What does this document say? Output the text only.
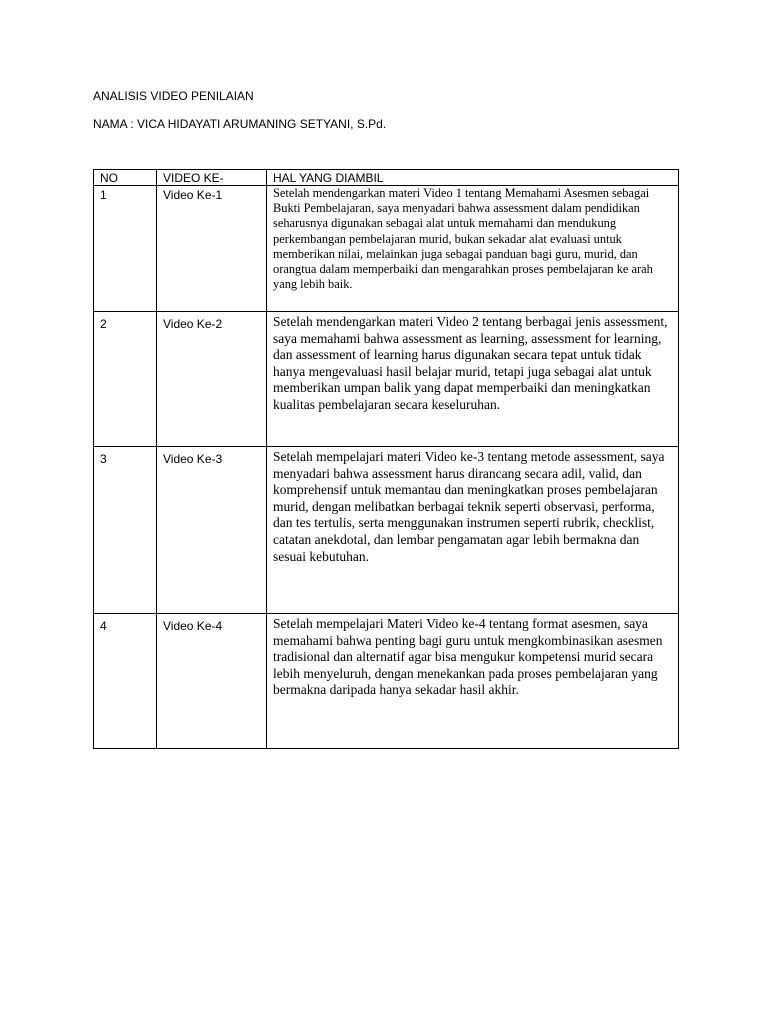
ANALISIS VIDEO PENILAIAN
NAMA : VICA HIDAYATI ARUMANING SETYANI, S.Pd.
NO	VIDEO KE-	HAL YANG DIAMBIL
1	Video Ke-1	Setelah mendengarkan materi Video 1 tentang Memahami Asesmen sebagai Bukti Pembelajaran, saya menyadari bahwa assessment dalam pendidikan seharusnya digunakan sebagai alat untuk memahami dan mendukung perkembangan pembelajaran murid, bukan sekadar alat evaluasi untuk memberikan nilai, melainkan juga sebagai panduan bagi guru, murid, dan orangtua dalam memperbaiki dan mengarahkan proses pembelajaran ke arah yang lebih baik.
2	Video Ke-2	Setelah mendengarkan materi Video 2 tentang berbagai jenis assessment, saya memahami bahwa assessment as learning, assessment for learning, dan assessment of learning harus digunakan secara tepat untuk tidak hanya mengevaluasi hasil belajar murid, tetapi juga sebagai alat untuk memberikan umpan balik yang dapat memperbaiki dan meningkatkan kualitas pembelajaran secara keseluruhan.
3	Video Ke-3	Setelah mempelajari materi Video ke-3 tentang metode assessment, saya menyadari bahwa assessment harus dirancang secara adil, valid, dan komprehensif untuk memantau dan meningkatkan proses pembelajaran murid, dengan melibatkan berbagai teknik seperti observasi, performa, dan tes tertulis, serta menggunakan instrumen seperti rubrik, checklist, catatan anekdotal, dan lembar pengamatan agar lebih bermakna dan sesuai kebutuhan.
4	Video Ke-4	Setelah mempelajari Materi Video ke-4 tentang format asesmen, saya memahami bahwa penting bagi guru untuk mengkombinasikan asesmen tradisional dan alternatif agar bisa mengukur kompetensi murid secara lebih menyeluruh, dengan menekankan pada proses pembelajaran yang bermakna daripada hanya sekadar hasil akhir.
